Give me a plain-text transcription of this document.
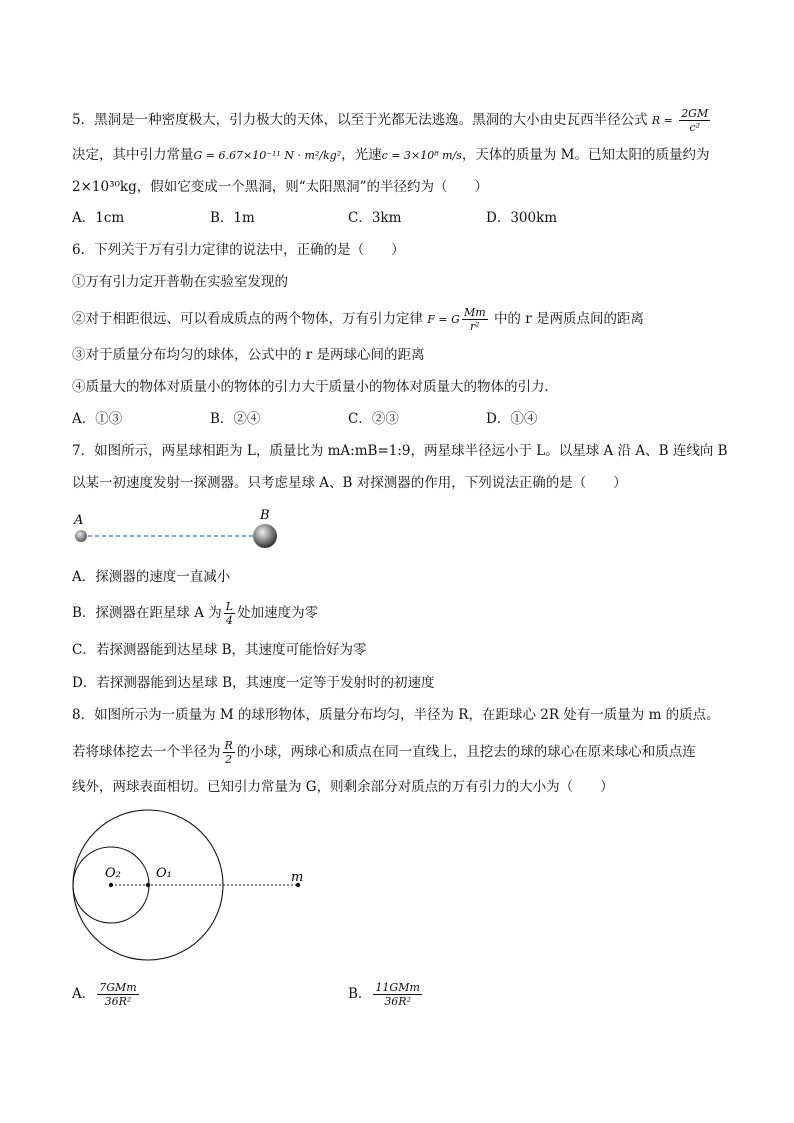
5．黑洞是一种密度极大，引力极大的天体，以至于光都无法逃逸。黑洞的大小由史瓦西半径公式 $R = \frac{2GM}{\text{c²}}$
决定，其中引力常量G = 6.67×10⁻¹¹ N · m²/kg²，光速c = 3×10⁸ m/s，天体的质量为 M。已知太阳的质量约为
2×10³⁰kg，假如它变成一个黑洞，则“太阳黑洞”的半径约为（　　）
A．1cm	B．1m	C．3km	D．300km
6．下列关于万有引力定律的说法中，正确的是（　　）
①万有引力定开普勒在实验室发现的
②对于相距很远、可以看成质点的两个物体，万有引力定律 F = G $\frac{Mm}{\text{r²}}$ 中的 r 是两质点间的距离
③对于质量分布均匀的球体，公式中的 r 是两球心间的距离
④质量大的物体对质量小的物体的引力大于质量小的物体对质量大的物体的引力．
A．①③	B．②④	C．②③	D．①④
7．如图所示，两星球相距为 L，质量比为 mA:mB=1:9，两星球半径远小于 L。以星球 A 沿 A、B 连线向 B
以某一初速度发射一探测器。只考虑星球 A、B 对探测器的作用，下列说法正确的是（　　）
A	B
A．探测器的速度一直减小
B．探测器在距星球 A 为 $\frac{L}{4}$ 处加速度为零
C．若探测器能到达星球 B，其速度可能恰好为零
D．若探测器能到达星球 B，其速度一定等于发射时的初速度
8．如图所示为一质量为 M 的球形物体，质量分布均匀，半径为 R，在距球心 2R 处有一质量为 m 的质点。
若将球体挖去一个半径为 $\frac{R}{2}$ 的小球，两球心和质点在同一直线上，且挖去的球的球心在原来球心和质点连
线外，两球表面相切。已知引力常量为 G，则剩余部分对质点的万有引力的大小为（　　）
O₂	O₁	m
A． $\frac{\text{7GMm}}{\text{36R²}}$	B． $\frac{\text{11GMm}}{\text{36R²}}$
